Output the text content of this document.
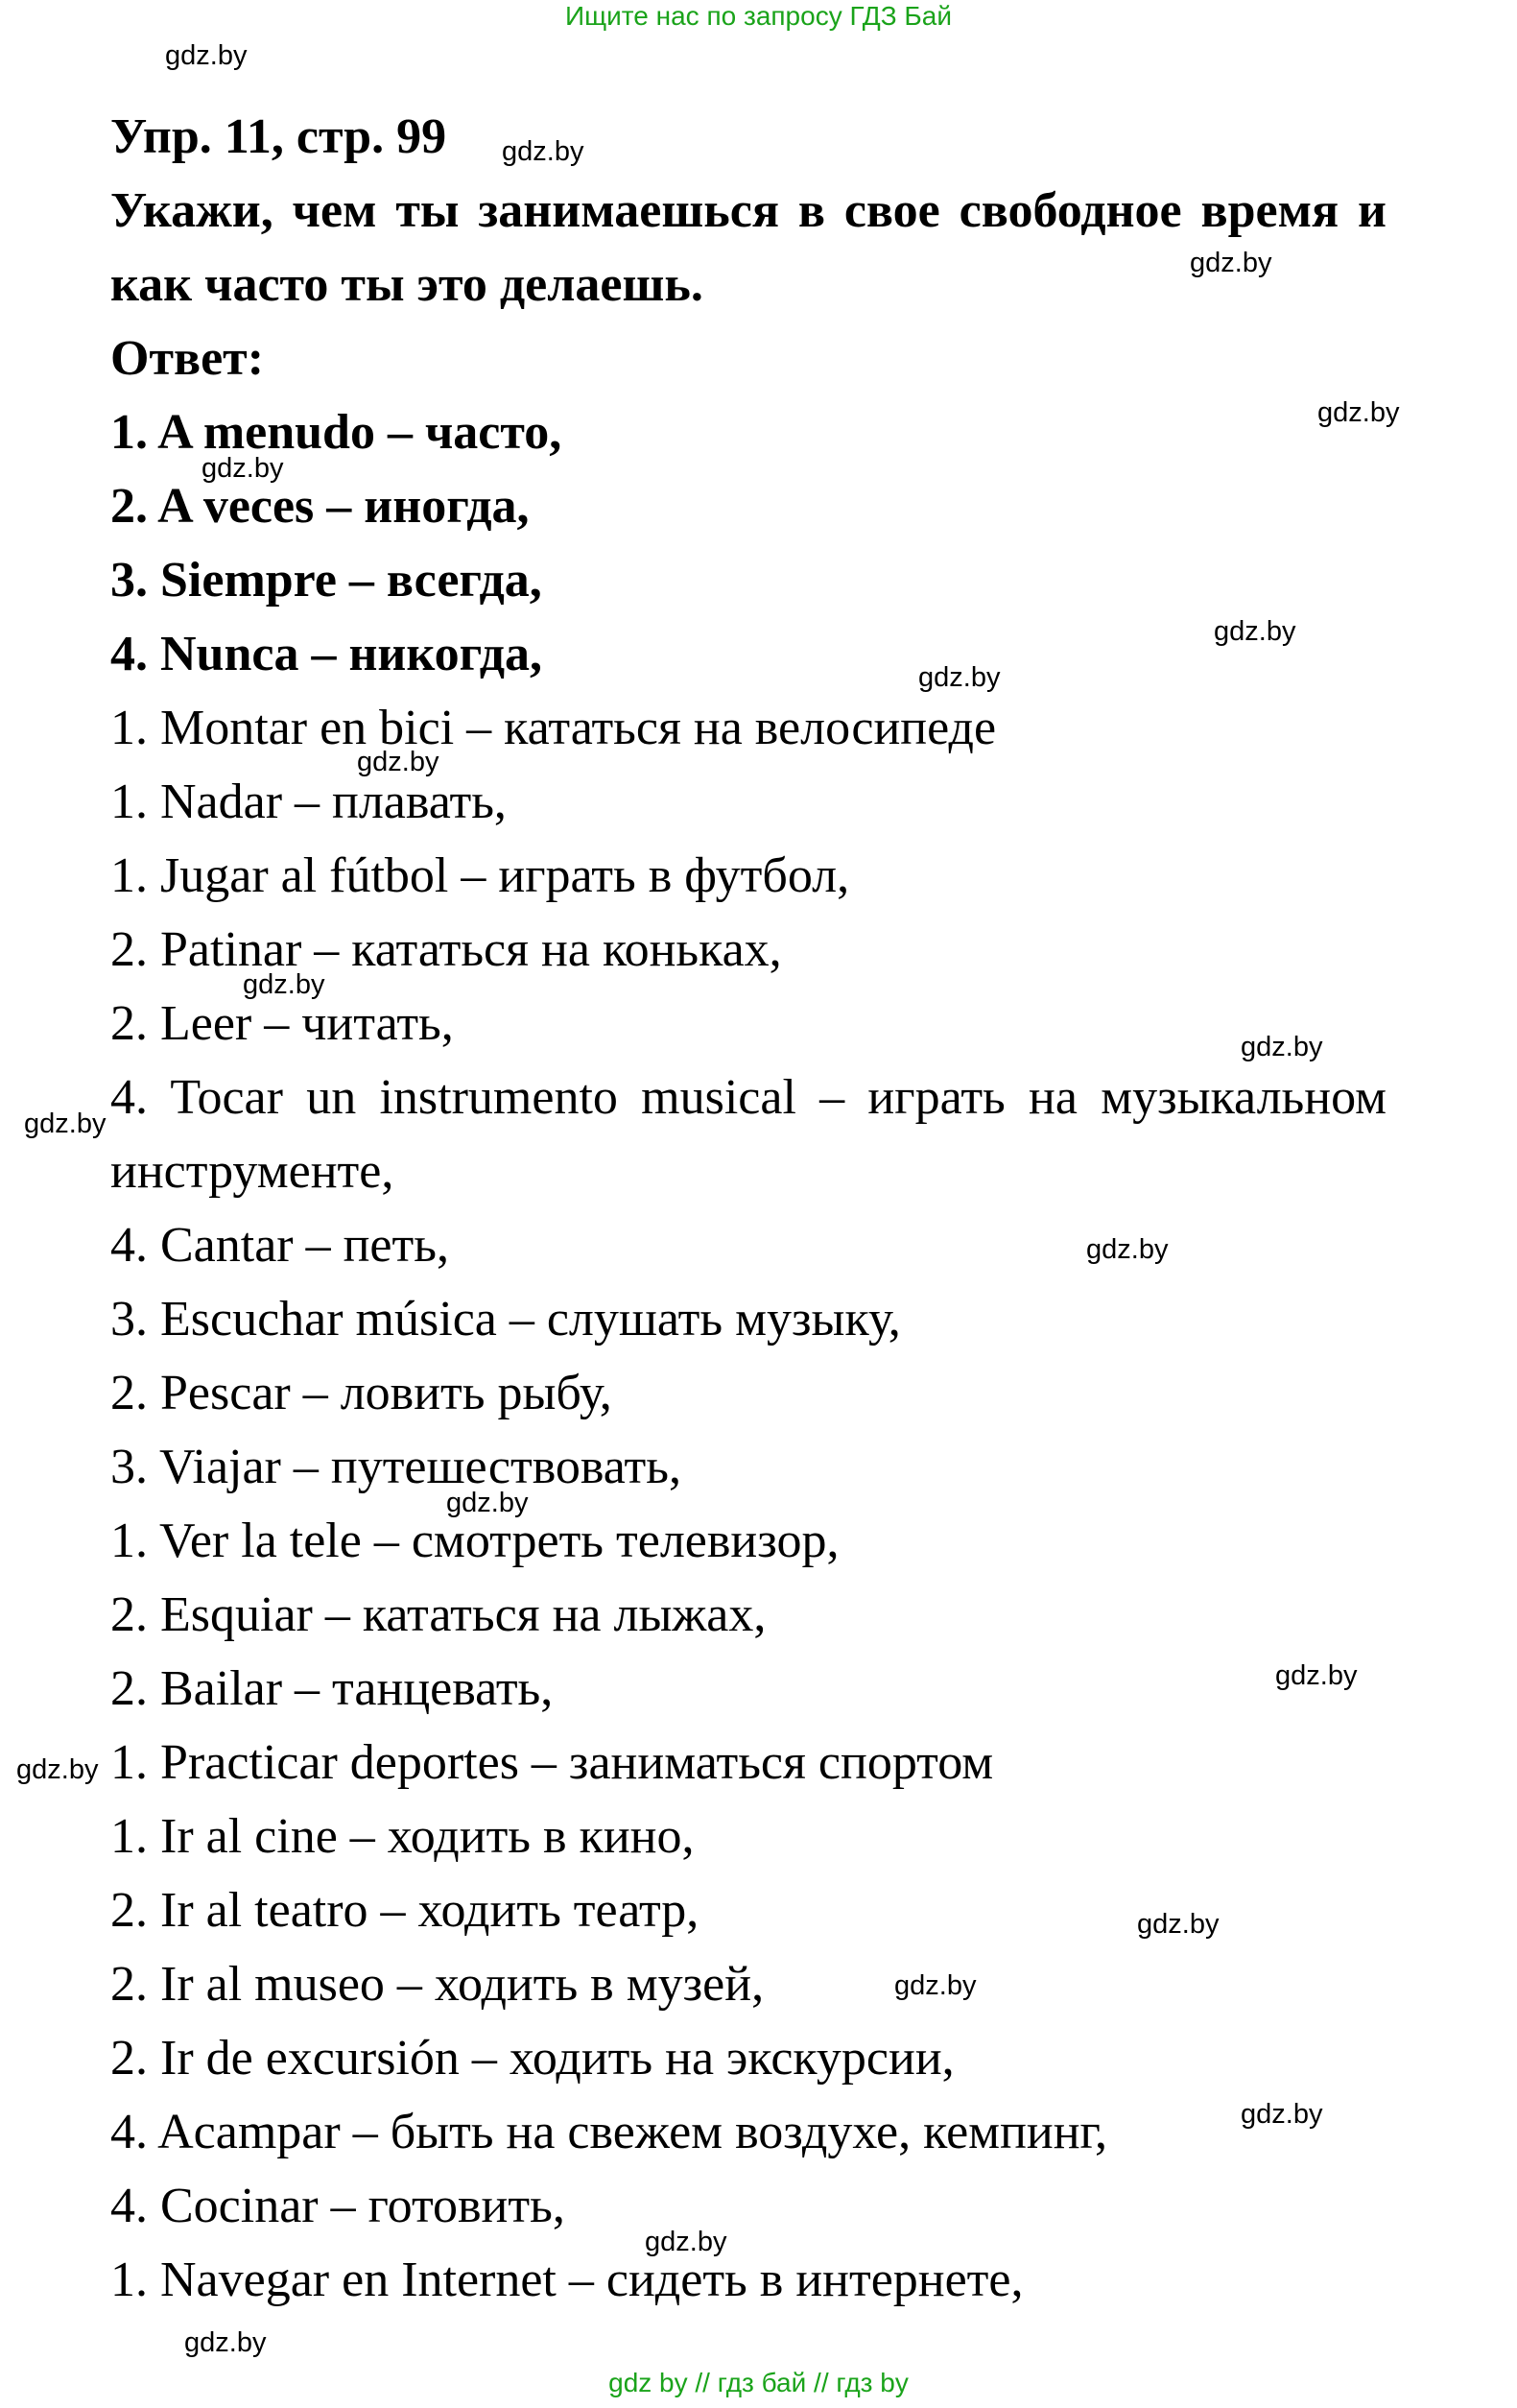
Ищите нас по запросу ГДЗ Бай
Упр. 11, стр. 99
Укажи, чем ты занимаешься в свое свободное время и как часто ты это делаешь.
Ответ:
1. A menudo – часто,
2. A veces – иногда,
3. Siempre – всегда,
4. Nunca – никогда,
1. Montar en bici – кататься на велосипеде
1. Nadar – плавать,
1. Jugar al fútbol – играть в футбол,
2. Patinar – кататься на коньках,
2. Leer – читать,
4. Tocar un instrumento musical – играть на музыкальном инструменте,
4. Cantar – петь,
3. Escuchar música – слушать музыку,
2. Pescar – ловить рыбу,
3. Viajar – путешествовать,
1. Ver la tele – смотреть телевизор,
2. Esquiar – кататься на лыжах,
2. Bailar – танцевать,
1. Practicar deportes – заниматься спортом
1. Ir al cine – ходить в кино,
2. Ir al teatro – ходить театр,
2. Ir al museo – ходить в музей,
2. Ir de excursión – ходить на экскурсии,
4. Acampar – быть на свежем воздухе, кемпинг,
4. Cocinar – готовить,
1. Navegar en Internet – сидеть в интернете,
gdz.by
gdz.by
gdz.by
gdz.by
gdz.by
gdz.by
gdz.by
gdz.by
gdz.by
gdz.by
gdz.by
gdz.by
gdz.by
gdz.by
gdz.by
gdz.by
gdz.by
gdz.by
gdz.by
gdz.by
gdz by // гдз бай // гдз by
